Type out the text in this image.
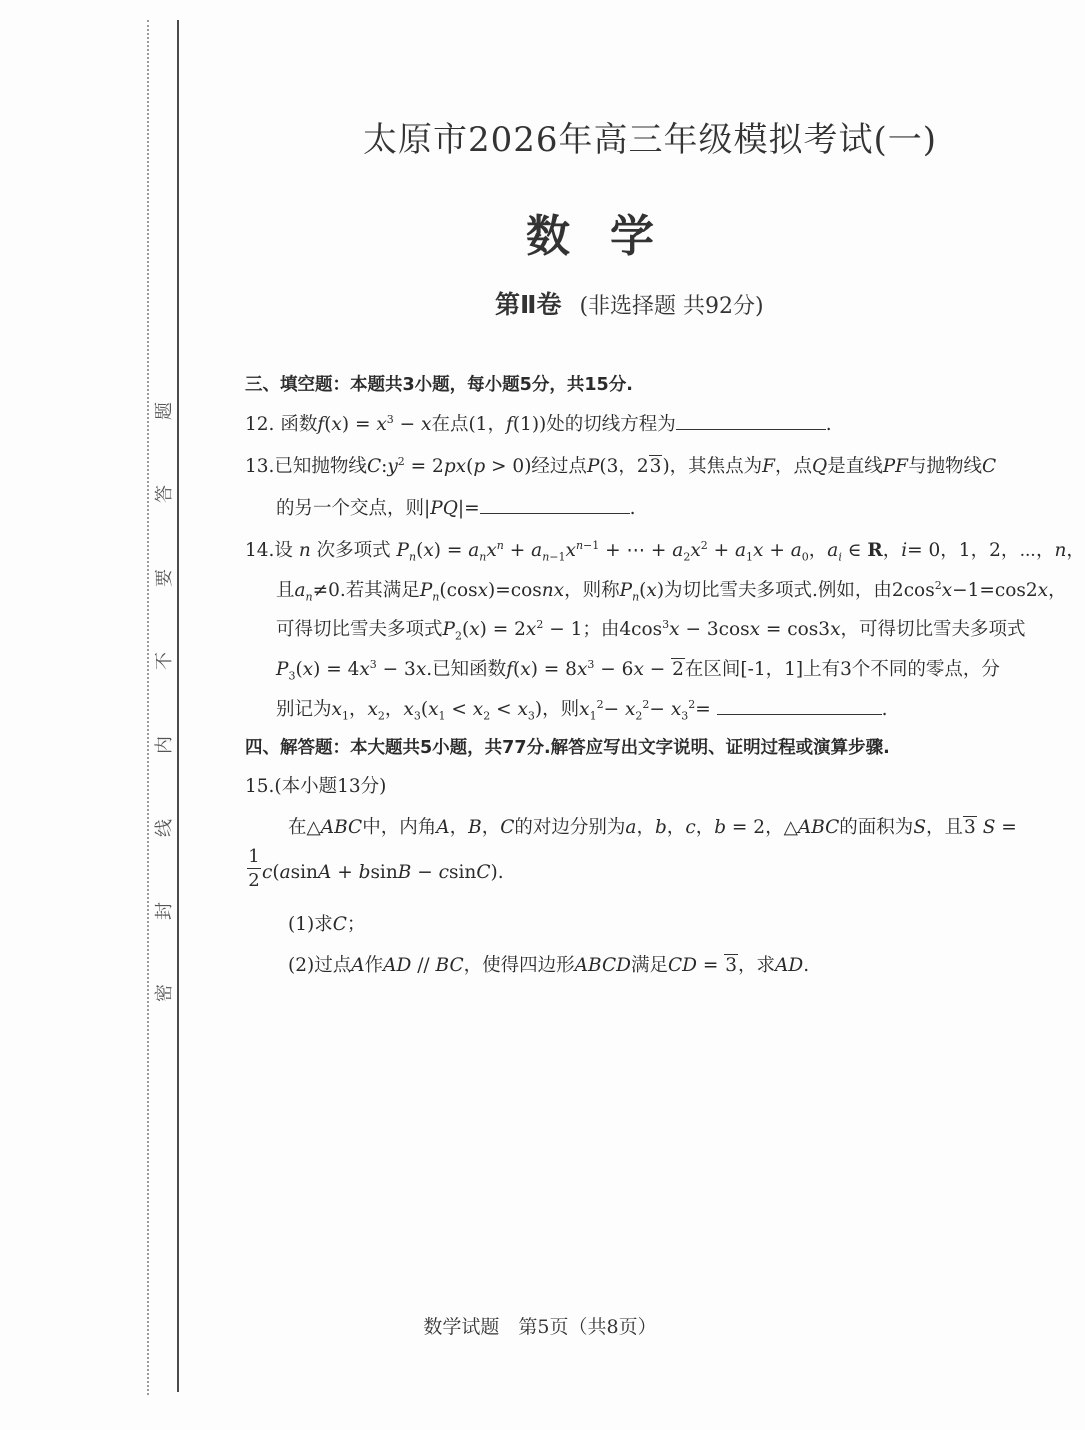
题
答
要
不
内
线
封
密
太原市2026年高三年级模拟考试(一)
数学
第Ⅱ卷 (非选择题 共92分)
三、填空题：本题共3小题，每小题5分，共15分.
12. 函数$f(x) = x^3 - x$在点(1，f(1))处的切线方程为	.
13.已知抛物线$C:y^2 = 2px(p > 0)$经过点P(3，23)，其焦点为F，点Q是直线PF与抛物线C
的另一个交点，则|PQ|=	.
14.设 n 次多项式 $P_n(x) = a_nx^n + a_{n-1}x^{n-1}$ + ⋯ + $a_2x^2 + a_1x + a_0$，$a_i$ ∈ R，i= 0，1，2，⋯，n，
且$a_n\ne 0$.若其满足$P_n(\cos x)=cosnx$，则称$P_n(x)$为切比雪夫多项式.例如，由$2\cos^2x-1=\cos 2x$，
可得切比雪夫多项式$P_2(x) = 2x^2 - 1$；由$4\cos^3x - 3\cos x = \cos 3x$，可得切比雪夫多项式
$P_3(x) = 4x^3 - 3x$.已知函数$f(x) = 8x^3 - 6x - 2$在区间[-1，1]上有3个不同的零点，分
别记为$x_1$，$x_2$，$x_3(x_1 < x_2 < x_3)$，则$x_1^2- x_2^2- x_3^2=$	.
四、解答题：本大题共5小题，共77分.解答应写出文字说明、证明过程或演算步骤.
15.(本小题13分)
在△ABC中，内角A，B，C的对边分别为a，b，c，b = 2，△ABC的面积为S，且3 S =
1
2 c(asinA + bsinB − csinC).
(1)求C；
(2)过点A作AD // BC，使得四边形ABCD满足CD = 3，求AD.
数学试题　第5页（共8页）
